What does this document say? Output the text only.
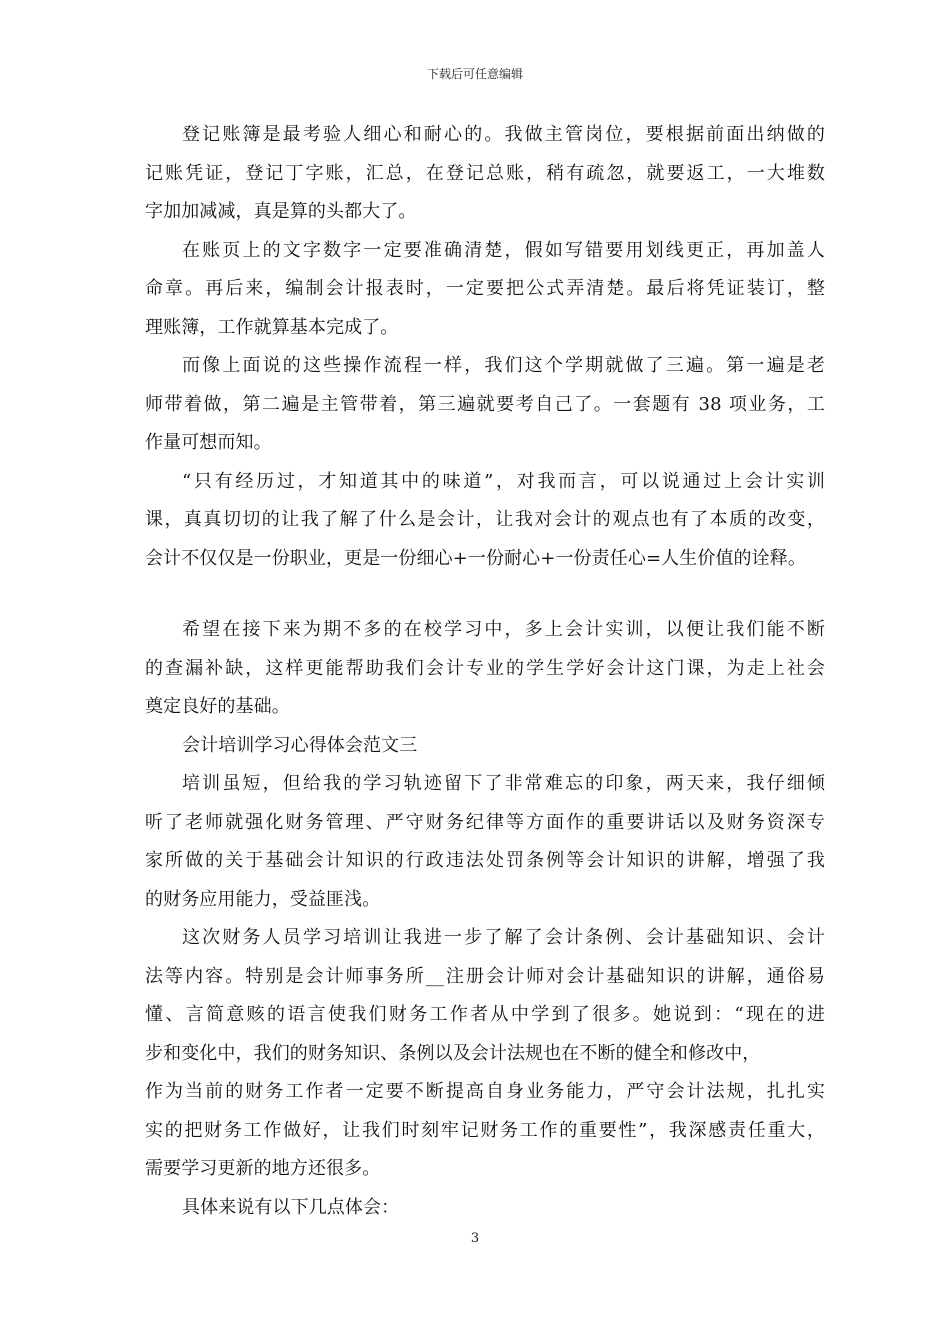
下载后可任意编辑
登记账簿是最考验人细心和耐心的。我做主管岗位，要根据前面出纳做的
记账凭证，登记丁字账，汇总，在登记总账，稍有疏忽，就要返工，一大堆数
字加加减减，真是算的头都大了。
在账页上的文字数字一定要准确清楚，假如写错要用划线更正，再加盖人
命章。再后来，编制会计报表时，一定要把公式弄清楚。最后将凭证装订，整
理账簿，工作就算基本完成了。
而像上面说的这些操作流程一样，我们这个学期就做了三遍。第一遍是老
师带着做，第二遍是主管带着，第三遍就要考自己了。一套题有 38 项业务，工
作量可想而知。
“只有经历过，才知道其中的味道”，对我而言，可以说通过上会计实训
课，真真切切的让我了解了什么是会计，让我对会计的观点也有了本质的改变，
会计不仅仅是一份职业，更是一份细心+一份耐心+一份责任心=人生价值的诠释。
希望在接下来为期不多的在校学习中，多上会计实训，以便让我们能不断
的查漏补缺，这样更能帮助我们会计专业的学生学好会计这门课，为走上社会
奠定良好的基础。
会计培训学习心得体会范文三
培训虽短，但给我的学习轨迹留下了非常难忘的印象，两天来，我仔细倾
听了老师就强化财务管理、严守财务纪律等方面作的重要讲话以及财务资深专
家所做的关于基础会计知识的行政违法处罚条例等会计知识的讲解，增强了我
的财务应用能力，受益匪浅。
这次财务人员学习培训让我进一步了解了会计条例、会计基础知识、会计
法等内容。特别是会计师事务所__注册会计师对会计基础知识的讲解，通俗易
懂、言简意赅的语言使我们财务工作者从中学到了很多。她说到：“现在的进
步和变化中，我们的财务知识、条例以及会计法规也在不断的健全和修改中，
作为当前的财务工作者一定要不断提高自身业务能力，严守会计法规，扎扎实
实的把财务工作做好，让我们时刻牢记财务工作的重要性”，我深感责任重大，
需要学习更新的地方还很多。
具体来说有以下几点体会：
3
